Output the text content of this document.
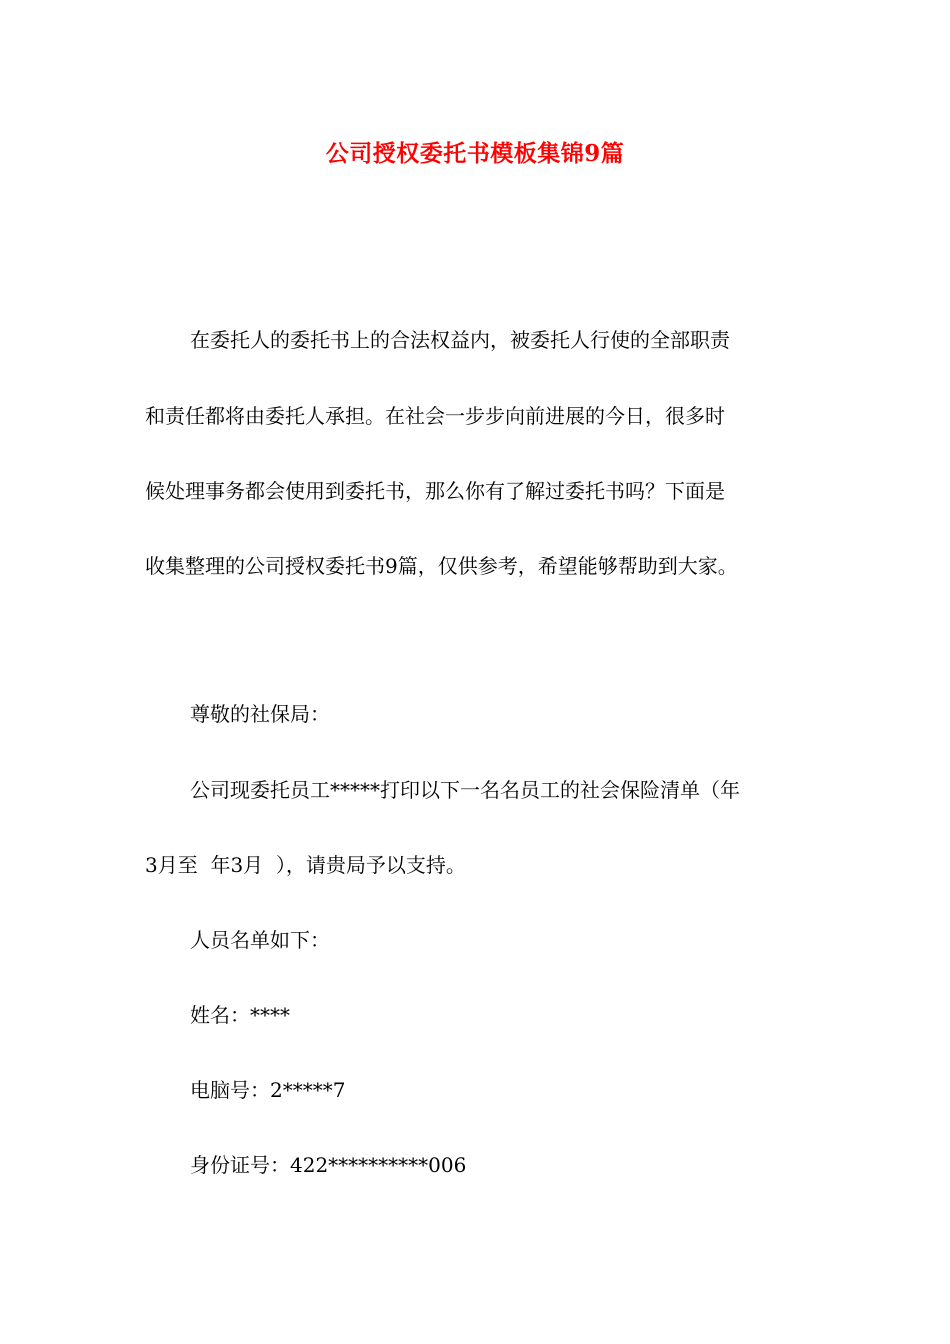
公司授权委托书模板集锦9篇

在委托人的委托书上的合法权益内，被委托人行使的全部职责

和责任都将由委托人承担。在社会一步步向前进展的今日，很多时

候处理事务都会使用到委托书，那么你有了解过委托书吗？下面是

收集整理的公司授权委托书9篇，仅供参考，希望能够帮助到大家。

尊敬的社保局：

公司现委托员工*****打印以下一名名员工的社会保险清单（年

3月至  年3月  ），请贵局予以支持。

人员名单如下：

姓名：****

电脑号：2*****7

身份证号：422**********006
